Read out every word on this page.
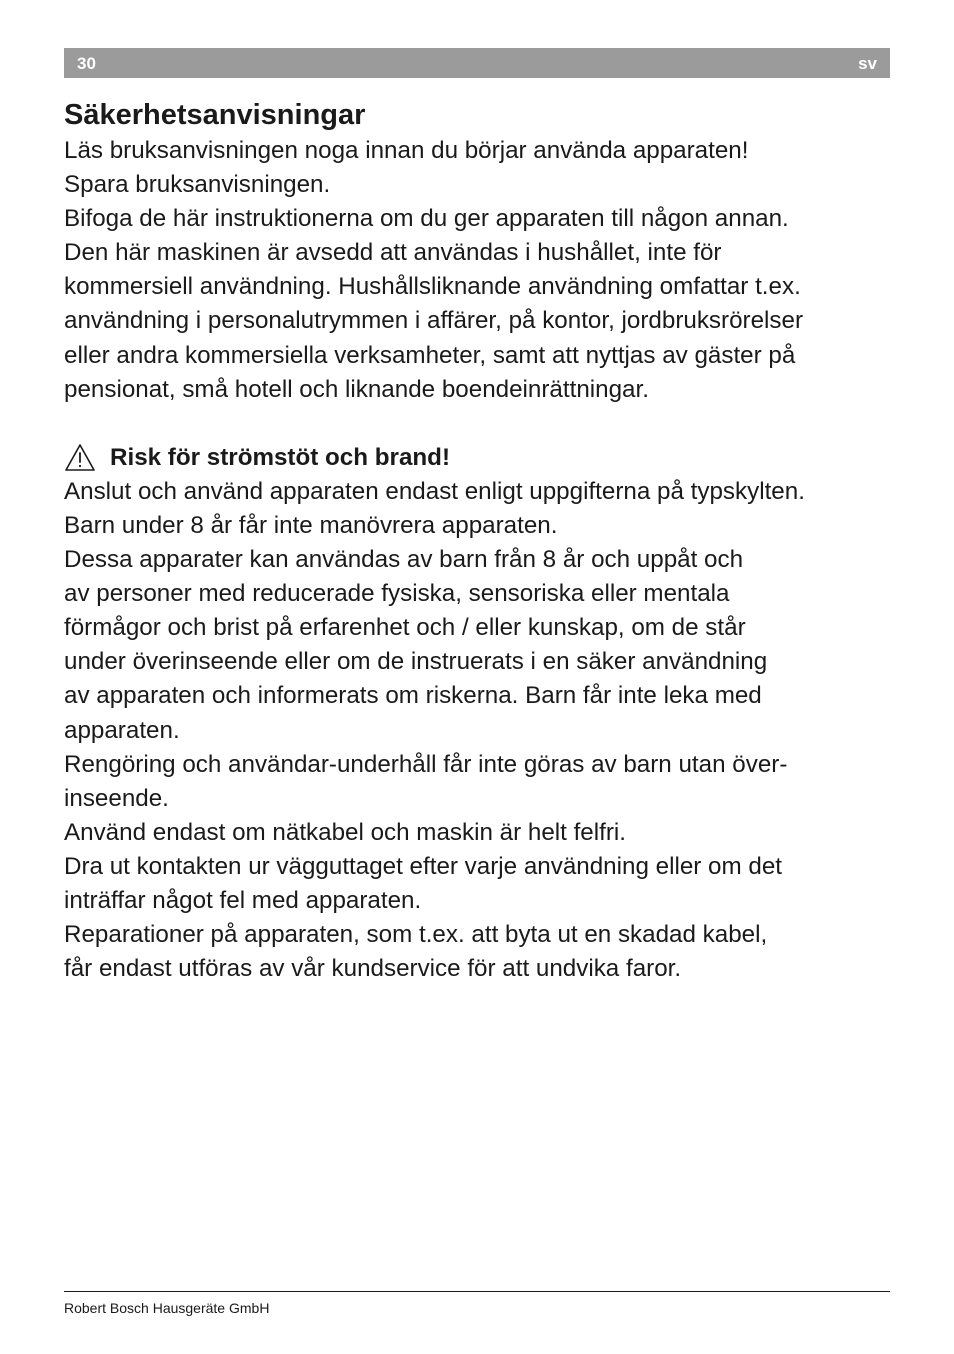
30	sv
Säkerhetsanvisningar

Läs bruksanvisningen noga innan du börjar använda apparaten!

Spara bruksanvisningen.

Bifoga de här instruktionerna om du ger apparaten till någon annan.

Den här maskinen är avsedd att användas i hushållet, inte för

kommersiell användning. Hushållsliknande användning omfattar t.ex.

användning i personalutrymmen i affärer, på kontor, jordbruksrörelser

eller andra kommersiella verksamheter, samt att nyttjas av gäster på

pensionat, små hotell och liknande boendeinrättningar.

Risk för strömstöt och brand!

Anslut och använd apparaten endast enligt uppgifterna på typskylten.

Barn under 8 år får inte manövrera apparaten.

Dessa apparater kan användas av barn från 8 år och uppåt och

av personer med reducerade fysiska, sensoriska eller mentala

förmågor och brist på erfarenhet och / eller kunskap, om de står

under överinseende eller om de instruerats i en säker användning

av apparaten och informerats om riskerna. Barn får inte leka med

apparaten.

Rengöring och användar-underhåll får inte göras av barn utan över-

inseende.

Använd endast om nätkabel och maskin är helt felfri.

Dra ut kontakten ur vägguttaget efter varje användning eller om det

inträffar något fel med apparaten.

Reparationer på apparaten, som t.ex. att byta ut en skadad kabel,

får endast utföras av vår kundservice för att undvika faror.

Robert Bosch Hausgeräte GmbH
